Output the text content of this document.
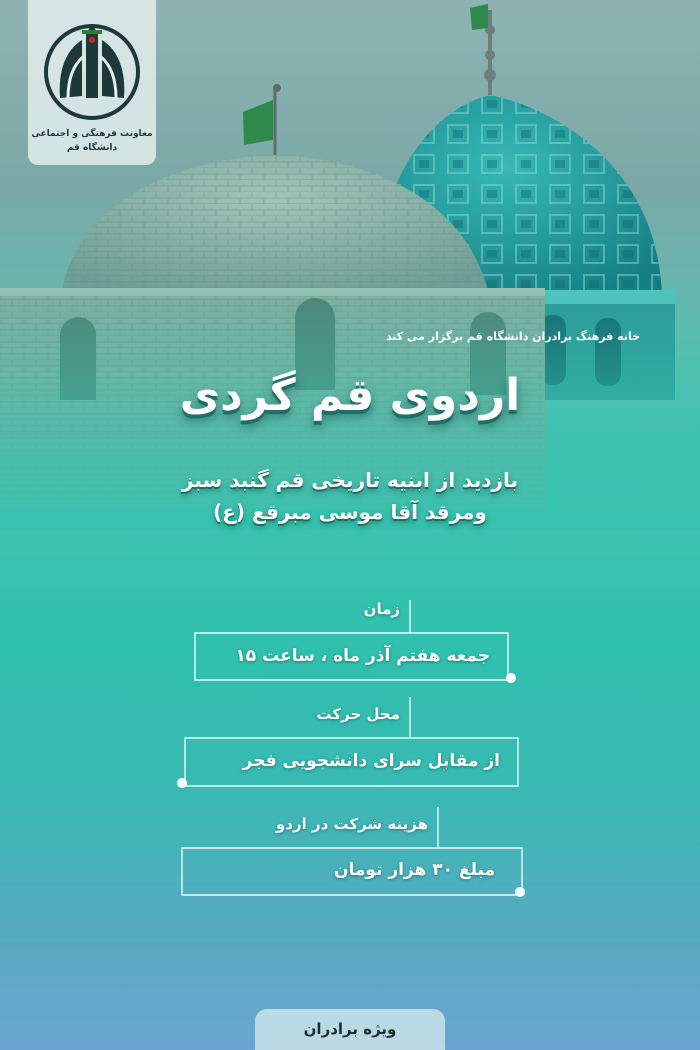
معاونت فرهنگی و اجتماعی
دانشگاه قم
خانه فرهنگ برادران دانشگاه قم برگزار می کند
اردوی قم گردی
بازدید از ابنیه تاریخی قم گنبد سبز
ومرقد آقا موسی مبرقع (ع)
زمان
جمعه هفتم آذر ماه ، ساعت ۱۵
محل حرکت
از مقابل سرای دانشجویی فجر
هزینه شرکت در اردو
مبلغ ۳۰ هزار تومان
ویژه برادران
